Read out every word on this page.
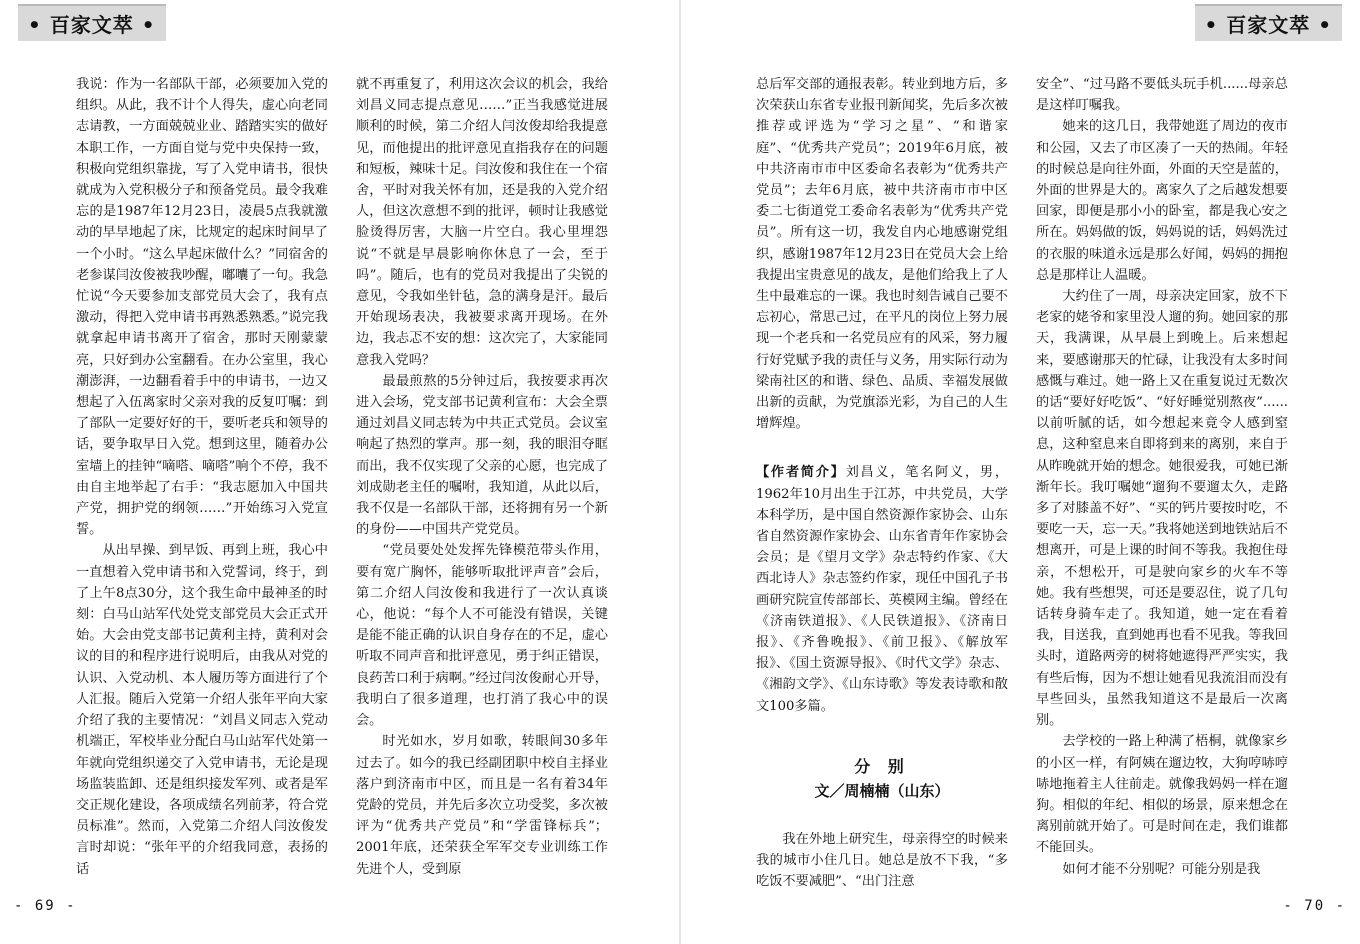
• 百家文萃 •

我说：作为一名部队干部，必须要加入党的组织。从此，我不计个人得失，虚心向老同志请教，一方面兢兢业业、踏踏实实的做好本职工作，一方面自觉与党中央保持一致，积极向党组织靠拢，写了入党申请书，很快就成为入党积极分子和预备党员。最令我难忘的是1987年12月23日，凌晨5点我就激动的早早地起了床，比规定的起床时间早了一个小时。“这么早起床做什么？”同宿舍的老参谋闫汝俊被我吵醒，嘟囔了一句。我急忙说“今天要参加支部党员大会了，我有点激动，得把入党申请书再熟悉熟悉。”说完我就拿起申请书离开了宿舍，那时天刚蒙蒙亮，只好到办公室翻看。在办公室里，我心潮澎湃，一边翻看着手中的申请书，一边又想起了入伍离家时父亲对我的反复叮嘱：到了部队一定要好好的干，要听老兵和领导的话，要争取早日入党。想到这里，随着办公室墙上的挂钟“嘀嗒、嘀嗒”响个不停，我不由自主地举起了右手：“我志愿加入中国共产党，拥护党的纲领……”开始练习入党宣誓。

从出早操、到早饭、再到上班，我心中一直想着入党申请书和入党誓词，终于，到了上午8点30分，这个我生命中最神圣的时刻：白马山站军代处党支部党员大会正式开始。大会由党支部书记黄利主持，黄利对会议的目的和程序进行说明后，由我从对党的认识、入党动机、本人履历等方面进行了个人汇报。随后入党第一介绍人张年平向大家介绍了我的主要情况：“刘昌义同志入党动机端正，军校毕业分配白马山站军代处第一年就向党组织递交了入党申请书，无论是现场监装监卸、还是组织接发军列、或者是军交正规化建设，各项成绩名列前茅，符合党员标准”。然而，入党第二介绍人闫汝俊发言时却说：“张年平的介绍我同意，表扬的话

就不再重复了，利用这次会议的机会，我给刘昌义同志提点意见……”正当我感觉进展顺利的时候，第二介绍人闫汝俊却给我提意见，而他提出的批评意见直指我存在的问题和短板，辣味十足。闫汝俊和我住在一个宿舍，平时对我关怀有加，还是我的入党介绍人，但这次意想不到的批评，顿时让我感觉脸烫得厉害，大脑一片空白。我心里埋怨说“不就是早晨影响你休息了一会，至于吗”。随后，也有的党员对我提出了尖锐的意见，令我如坐针毡，急的满身是汗。最后开始现场表决，我被要求离开现场。在外边，我忐忑不安的想：这次完了，大家能同意我入党吗？

最最煎熬的5分钟过后，我按要求再次进入会场，党支部书记黄利宣布：大会全票通过刘昌义同志转为中共正式党员。会议室响起了热烈的掌声。那一刻，我的眼泪夺眶而出，我不仅实现了父亲的心愿，也完成了刘成勋老主任的嘱咐，我知道，从此以后，我不仅是一名部队干部，还将拥有另一个新的身份——中国共产党党员。

“党员要处处发挥先锋模范带头作用，要有宽广胸怀，能够听取批评声音”会后，第二介绍人闫汝俊和我进行了一次认真谈心，他说：“每个人不可能没有错误，关键是能不能正确的认识自身存在的不足，虚心听取不同声音和批评意见，勇于纠正错误，良药苦口利于病啊。”经过闫汝俊耐心开导，我明白了很多道理，也打消了我心中的误会。

时光如水，岁月如歌，转眼间30多年过去了。如今的我已经副团职中校自主择业落户到济南市中区，而且是一名有着34年党龄的党员，并先后多次立功受奖，多次被评为“优秀共产党员”和“学雷锋标兵”；2001年底，还荣获全军军交专业训练工作先进个人，受到原

- 69 -
• 百家文萃 •

总后军交部的通报表彰。转业到地方后，多次荣获山东省专业报刊新闻奖，先后多次被推荐或评选为“学习之星”、“和谐家庭”、“优秀共产党员”；2019年6月底，被中共济南市市中区委命名表彰为“优秀共产党员”；去年6月底，被中共济南市市中区委二七街道党工委命名表彰为“优秀共产党员”。所有这一切，我发自内心地感谢党组织，感谢1987年12月23日在党员大会上给我提出宝贵意见的战友，是他们给我上了人生中最难忘的一课。我也时刻告诫自己要不忘初心，常思己过，在平凡的岗位上努力展现一个老兵和一名党员应有的风采，努力履行好党赋予我的责任与义务，用实际行动为梁南社区的和谐、绿色、品质、幸福发展做出新的贡献，为党旗添光彩，为自己的人生增辉煌。

【作者简介】刘昌义，笔名阿义，男，1962年10月出生于江苏，中共党员，大学本科学历，是中国自然资源作家协会、山东省自然资源作家协会、山东省青年作家协会会员；是《望月文学》杂志特约作家、《大西北诗人》杂志签约作家，现任中国孔子书画研究院宣传部部长、英模网主编。曾经在《济南铁道报》、《人民铁道报》、《济南日报》、《齐鲁晚报》、《前卫报》、《解放军报》、《国土资源导报》、《时代文学》杂志、《湘韵文学》、《山东诗歌》等发表诗歌和散文100多篇。

分 别
文／周楠楠（山东）

我在外地上研究生，母亲得空的时候来我的城市小住几日。她总是放不下我，“多吃饭不要减肥”、“出门注意

安全”、“过马路不要低头玩手机......母亲总是这样叮嘱我。

她来的这几日，我带她逛了周边的夜市和公园，又去了市区凑了一天的热闹。年轻的时候总是向往外面，外面的天空是蓝的，外面的世界是大的。离家久了之后越发想要回家，即便是那小小的卧室，都是我心安之所在。妈妈做的饭，妈妈说的话，妈妈洗过的衣服的味道永远是那么好闻，妈妈的拥抱总是那样让人温暖。

大约住了一周，母亲决定回家，放不下老家的姥爷和家里没人遛的狗。她回家的那天，我满课，从早晨上到晚上。后来想起来，要感谢那天的忙碌，让我没有太多时间感慨与难过。她一路上又在重复说过无数次的话“要好好吃饭”、“好好睡觉别熬夜”......以前听腻的话，如今想起来竟令人感到窒息，这种窒息来自即将到来的离别，来自于从昨晚就开始的想念。她很爱我，可她已渐渐年长。我叮嘱她“遛狗不要遛太久，走路多了对膝盖不好”、“买的钙片要按时吃，不要吃一天，忘一天。”我将她送到地铁站后不想离开，可是上课的时间不等我。我抱住母亲，不想松开，可是驶向家乡的火车不等她。我有些想哭，可还是要忍住，说了几句话转身骑车走了。我知道，她一定在看着我，目送我，直到她再也看不见我。等我回头时，道路两旁的树将她遮得严严实实，我有些后悔，因为不想让她看见我流泪而没有早些回头，虽然我知道这不是最后一次离别。

去学校的一路上种满了梧桐，就像家乡的小区一样，有阿姨在遛边牧，大狗哼哧哼哧地拖着主人往前走。就像我妈妈一样在遛狗。相似的年纪、相似的场景，原来想念在离别前就开始了。可是时间在走，我们谁都不能回头。

如何才能不分别呢？可能分别是我

- 70 -
